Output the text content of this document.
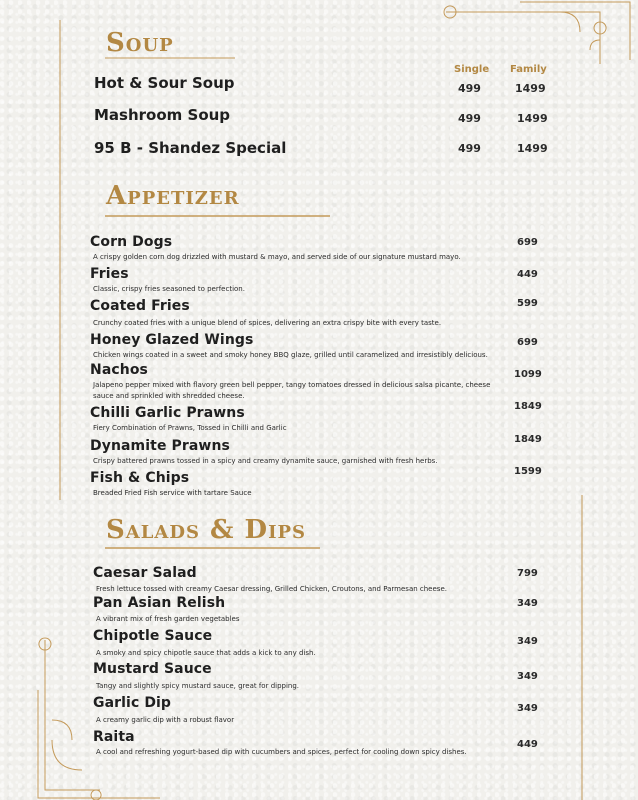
Soup
Single Family
Hot & Sour Soup	499	1499
Mashroom Soup	499	1499
95 B - Shandez Special	499	1499
Appetizer
Corn Dogs
A crispy golden corn dog drizzled with mustard & mayo, and served side of our signature mustard mayo.
699
Fries
Classic, crispy fries seasoned to perfection.
449
Coated Fries
Crunchy coated fries with a unique blend of spices, delivering an extra crispy bite with every taste.
599
Honey Glazed Wings
Chicken wings coated in a sweet and smoky honey BBQ glaze, grilled until caramelized and irresistibly delicious.
699
Nachos
Jalapeno pepper mixed with flavory green bell pepper, tangy tomatoes dressed in delicious salsa picante, cheese sauce and sprinkled with shredded cheese.
1099
Chilli Garlic Prawns
Fiery Combination of Prawns, Tossed in Chilli and Garlic
1849
Dynamite Prawns
Crispy battered prawns tossed in a spicy and creamy dynamite sauce, garnished with fresh herbs.
1849
Fish & Chips
Breaded Fried Fish service with tartare Sauce
1599
Salads & Dips
Caesar Salad
Fresh lettuce tossed with creamy Caesar dressing, Grilled Chicken, Croutons, and Parmesan cheese.
799
Pan Asian Relish
A vibrant mix of fresh garden vegetables
349
Chipotle Sauce
A smoky and spicy chipotle sauce that adds a kick to any dish.
349
Mustard Sauce
Tangy and slightly spicy mustard sauce, great for dipping.
349
Garlic Dip
A creamy garlic dip with a robust flavor
349
Raita
A cool and refreshing yogurt-based dip with cucumbers and spices, perfect for cooling down spicy dishes.
449
